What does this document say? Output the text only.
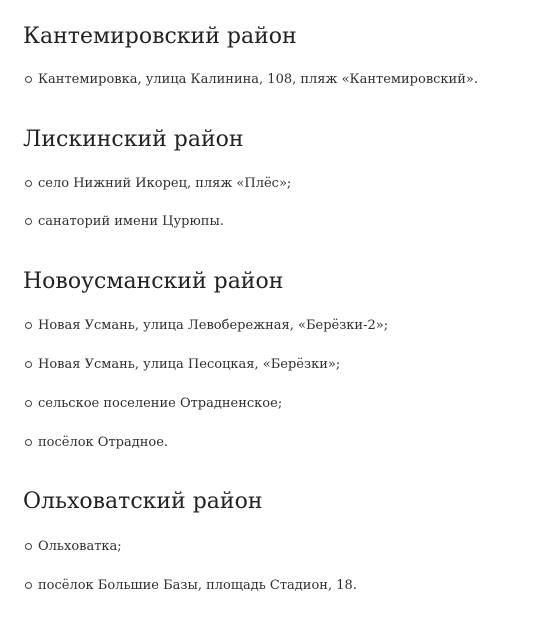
Кантемировский район
Кантемировка, улица Калинина, 108, пляж «Кантемировский».
Лискинский район
село Нижний Икорец, пляж «Плёс»;
санаторий имени Цурюпы.
Новоусманский район
Новая Усмань, улица Левобережная, «Берёзки-2»;
Новая Усмань, улица Песоцкая, «Берёзки»;
сельское поселение Отрадненское;
посёлок Отрадное.
Ольховатский район
Ольховатка;
посёлок Большие Базы, площадь Стадион, 18.
